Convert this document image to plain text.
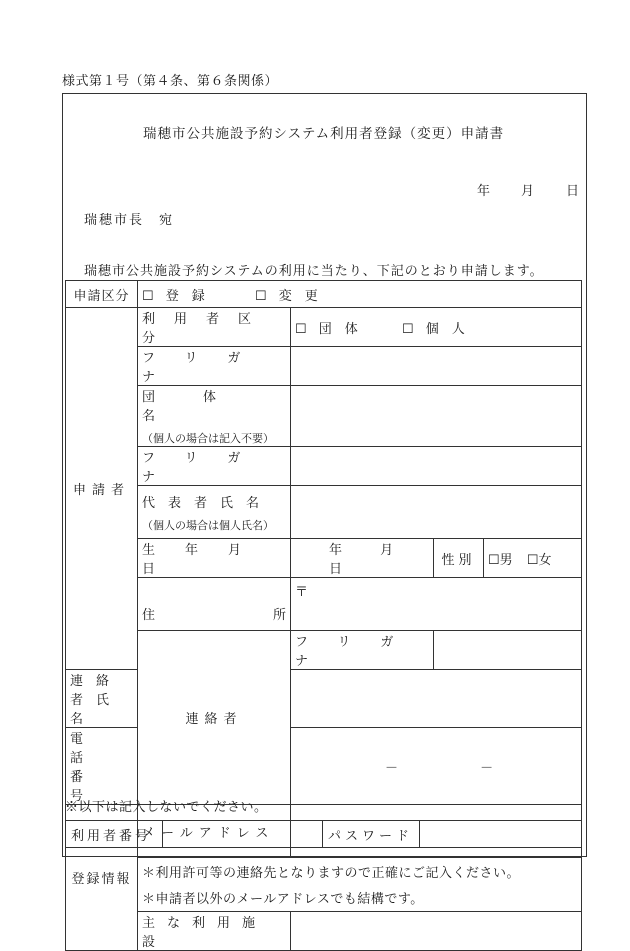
様式第１号（第４条、第６条関係）
瑞穂市公共施設予約システム利用者登録（変更）申請書
年 月 日
瑞穂市長　宛
瑞穂市公共施設予約システムの利用に当たり、下記のとおり申請します。
申請区分	☐ 登　録 ☐ 変　更			
申請者	利用者区分	☐ 団　体 ☐ 個　人		
	フリガナ			
	団体名
（個人の場合は記入不要）			

	フリガナ			
	代表者氏名
（個人の場合は個人氏名）			

	生年月日	年 月 日	性別	☐男 ☐女

	住 所	〒		
	連絡者	フリガナ		
連絡者氏名				
電話番号		－ －		
登録情報	メールアドレス			
	＊利用許可等の連絡先となりますので正確にご記入ください。			
	＊申請者以外のメールアドレスでも結構です。			
	主な利用施設			
※以下は記入しないでください。
利用者番号		パスワード	
